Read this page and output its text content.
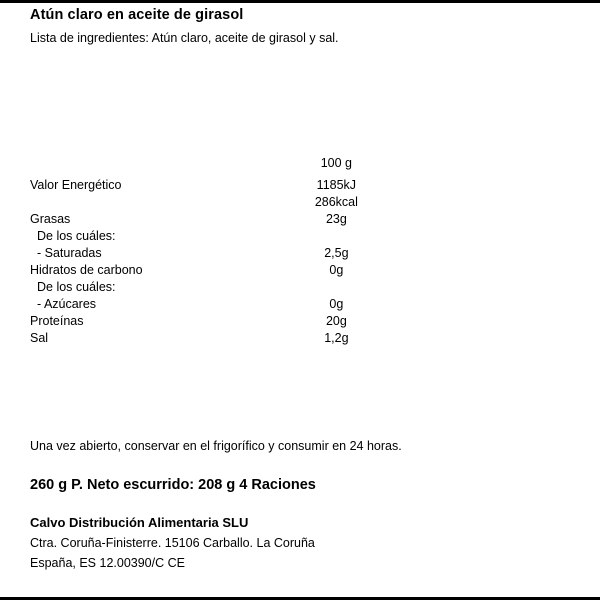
Atún claro en aceite de girasol
Lista de ingredientes: Atún claro, aceite de girasol y sal.
	100 g

Valor Energético	1185kJ
	286kcal
Grasas	23g
De los cuáles:	
- Saturadas	2,5g
Hidratos de carbono	0g
De los cuáles:	
- Azúcares	0g
Proteínas	20g
Sal	1,2g
Una vez abierto, conservar en el frigorífico y consumir en 24 horas.
260 g P. Neto escurrido: 208 g 4 Raciones
Calvo Distribución Alimentaria SLU
Ctra. Coruña-Finisterre. 15106 Carballo. La Coruña
España, ES 12.00390/C CE
